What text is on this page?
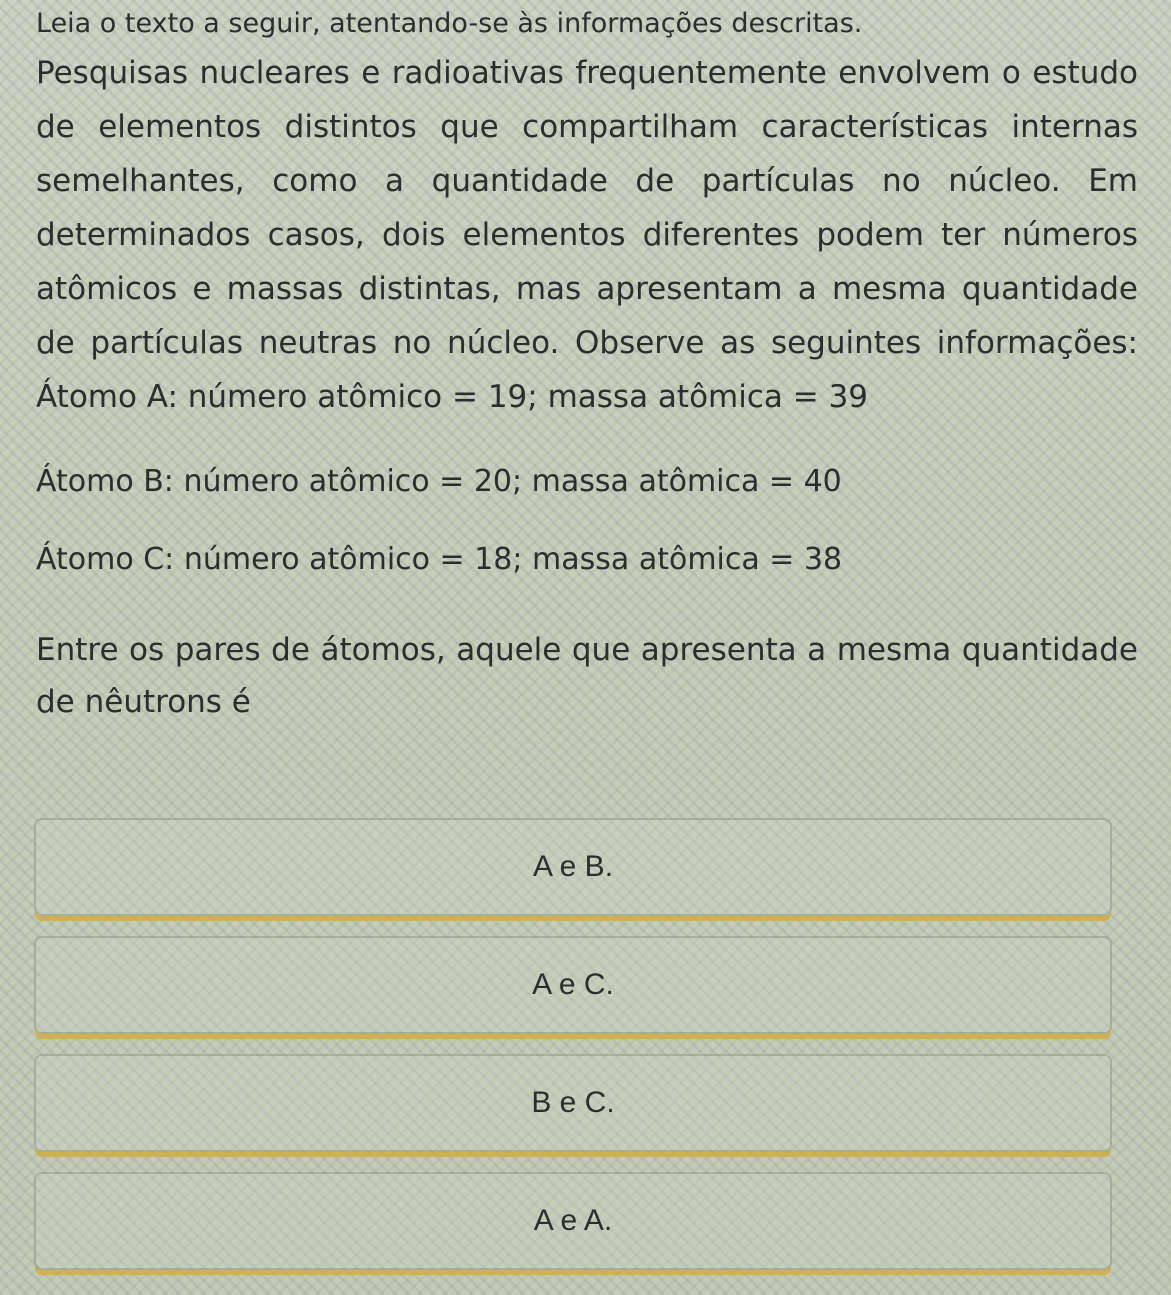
Leia o texto a seguir, atentando-se às informações descritas.

Pesquisas nucleares e radioativas frequentemente envolvem o estudo de elementos distintos que compartilham características internas semelhantes, como a quantidade de partículas no núcleo. Em determinados casos, dois elementos diferentes podem ter números atômicos e massas distintas, mas apresentam a mesma quantidade de partículas neutras no núcleo. Observe as seguintes informações: Átomo A: número atômico = 19; massa atômica = 39

Átomo B: número atômico = 20; massa atômica = 40

Átomo C: número atômico = 18; massa atômica = 38

Entre os pares de átomos, aquele que apresenta a mesma quantidade de nêutrons é

A e B.
A e C.
B e C.
A e A.
